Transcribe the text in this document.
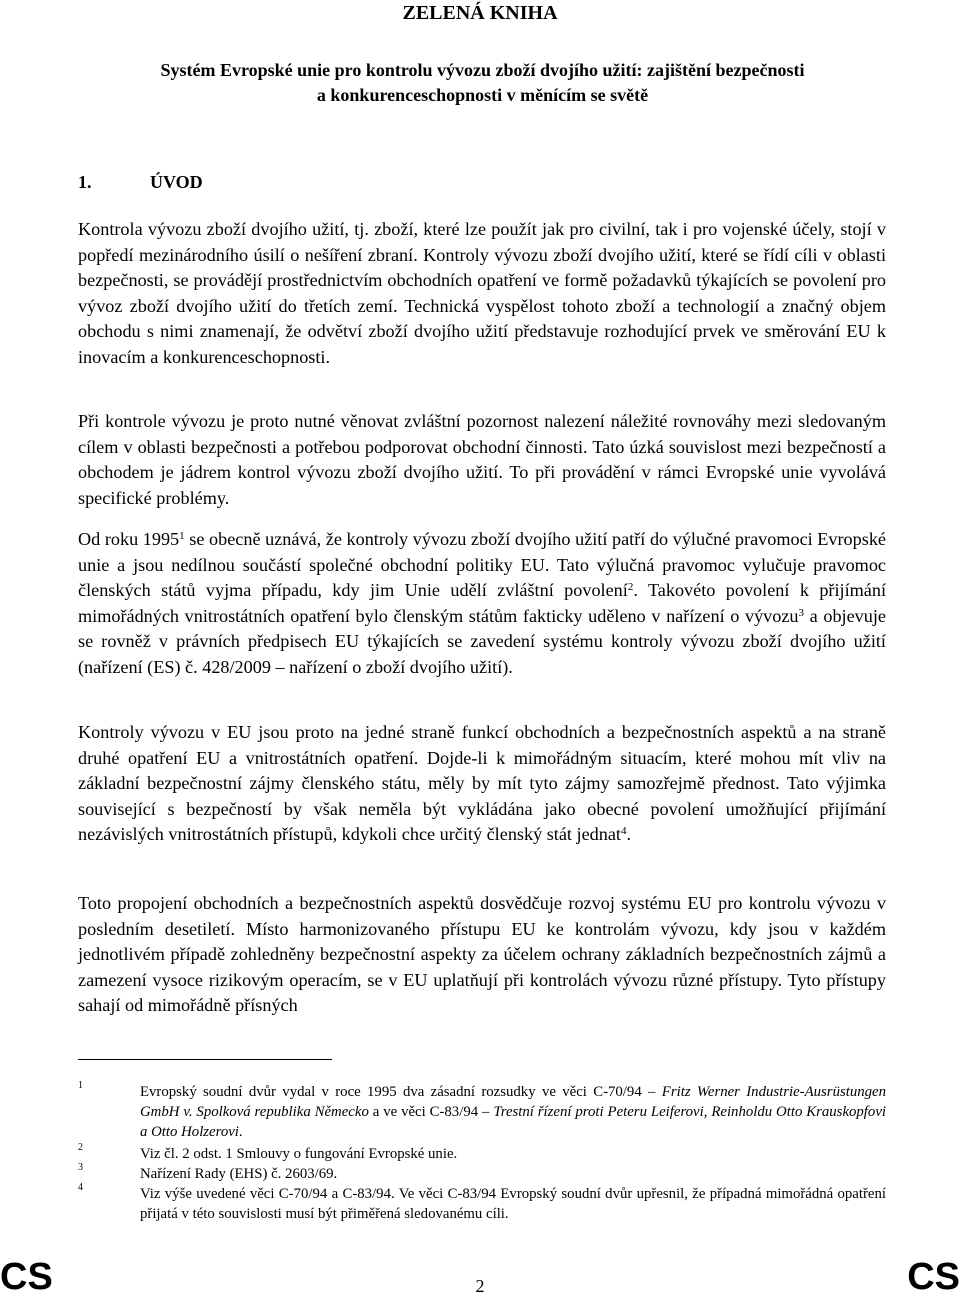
ZELENÁ KNIHA
Systém Evropské unie pro kontrolu vývozu zboží dvojího užití: zajištění bezpečnosti
a konkurenceschopnosti v měnícím se světě
1.	ÚVOD

Kontrola vývozu zboží dvojího užití, tj. zboží, které lze použít jak pro civilní, tak i pro vojenské účely, stojí v popředí mezinárodního úsilí o nešíření zbraní. Kontroly vývozu zboží dvojího užití, které se řídí cíli v oblasti bezpečnosti, se provádějí prostřednictvím obchodních opatření ve formě požadavků týkajících se povolení pro vývoz zboží dvojího užití do třetích zemí. Technická vyspělost tohoto zboží a technologií a značný objem obchodu s nimi znamenají, že odvětví zboží dvojího užití představuje rozhodující prvek ve směrování EU k inovacím a konkurenceschopnosti.

Při kontrole vývozu je proto nutné věnovat zvláštní pozornost nalezení náležité rovnováhy mezi sledovaným cílem v oblasti bezpečnosti a potřebou podporovat obchodní činnosti. Tato úzká souvislost mezi bezpečností a obchodem je jádrem kontrol vývozu zboží dvojího užití. To při provádění v rámci Evropské unie vyvolává specifické problémy.

Od roku 1995$^1$ se obecně uznává, že kontroly vývozu zboží dvojího užití patří do výlučné pravomoci Evropské unie a jsou nedílnou součástí společné obchodní politiky EU. Tato výlučná pravomoc vylučuje pravomoc členských států vyjma případu, kdy jim Unie udělí zvláštní povolení$^2$. Takovéto povolení k přijímání mimořádných vnitrostátních opatření bylo členským státům fakticky uděleno v nařízení o vývozu$^3$ a objevuje se rovněž v právních předpisech EU týkajících se zavedení systému kontroly vývozu zboží dvojího užití (nařízení (ES) č. 428/2009 – nařízení o zboží dvojího užití).

Kontroly vývozu v EU jsou proto na jedné straně funkcí obchodních a bezpečnostních aspektů a na straně druhé opatření EU a vnitrostátních opatření. Dojde-li k mimořádným situacím, které mohou mít vliv na základní bezpečnostní zájmy členského státu, měly by mít tyto zájmy samozřejmě přednost. Tato výjimka související s bezpečností by však neměla být vykládána jako obecné povolení umožňující přijímání nezávislých vnitrostátních přístupů, kdykoli chce určitý členský stát jednat$^4$.

Toto propojení obchodních a bezpečnostních aspektů dosvědčuje rozvoj systému EU pro kontrolu vývozu v posledním desetiletí. Místo harmonizovaného přístupu EU ke kontrolám vývozu, kdy jsou v každém jednotlivém případě zohledněny bezpečnostní aspekty za účelem ochrany základních bezpečnostních zájmů a zamezení vysoce rizikovým operacím, se v EU uplatňují při kontrolách vývozu různé přístupy. Tyto přístupy sahají od mimořádně přísných

1	Evropský soudní dvůr vydal v roce 1995 dva zásadní rozsudky ve věci C-70/94 – Fritz Werner Industrie-Ausrüstungen GmbH v. Spolková republika Německo a ve věci C-83/94 – Trestní řízení proti Peteru Leiferovi, Reinholdu Otto Krauskopfovi a Otto Holzerovi.
2	Viz čl. 2 odst. 1 Smlouvy o fungování Evropské unie.
3	Nařízení Rady (EHS) č. 2603/69.
4	Viz výše uvedené věci C-70/94 a C-83/94. Ve věci C-83/94 Evropský soudní dvůr upřesnil, že případná mimořádná opatření přijatá v této souvislosti musí být přiměřená sledovanému cíli.
CS	2	CS
